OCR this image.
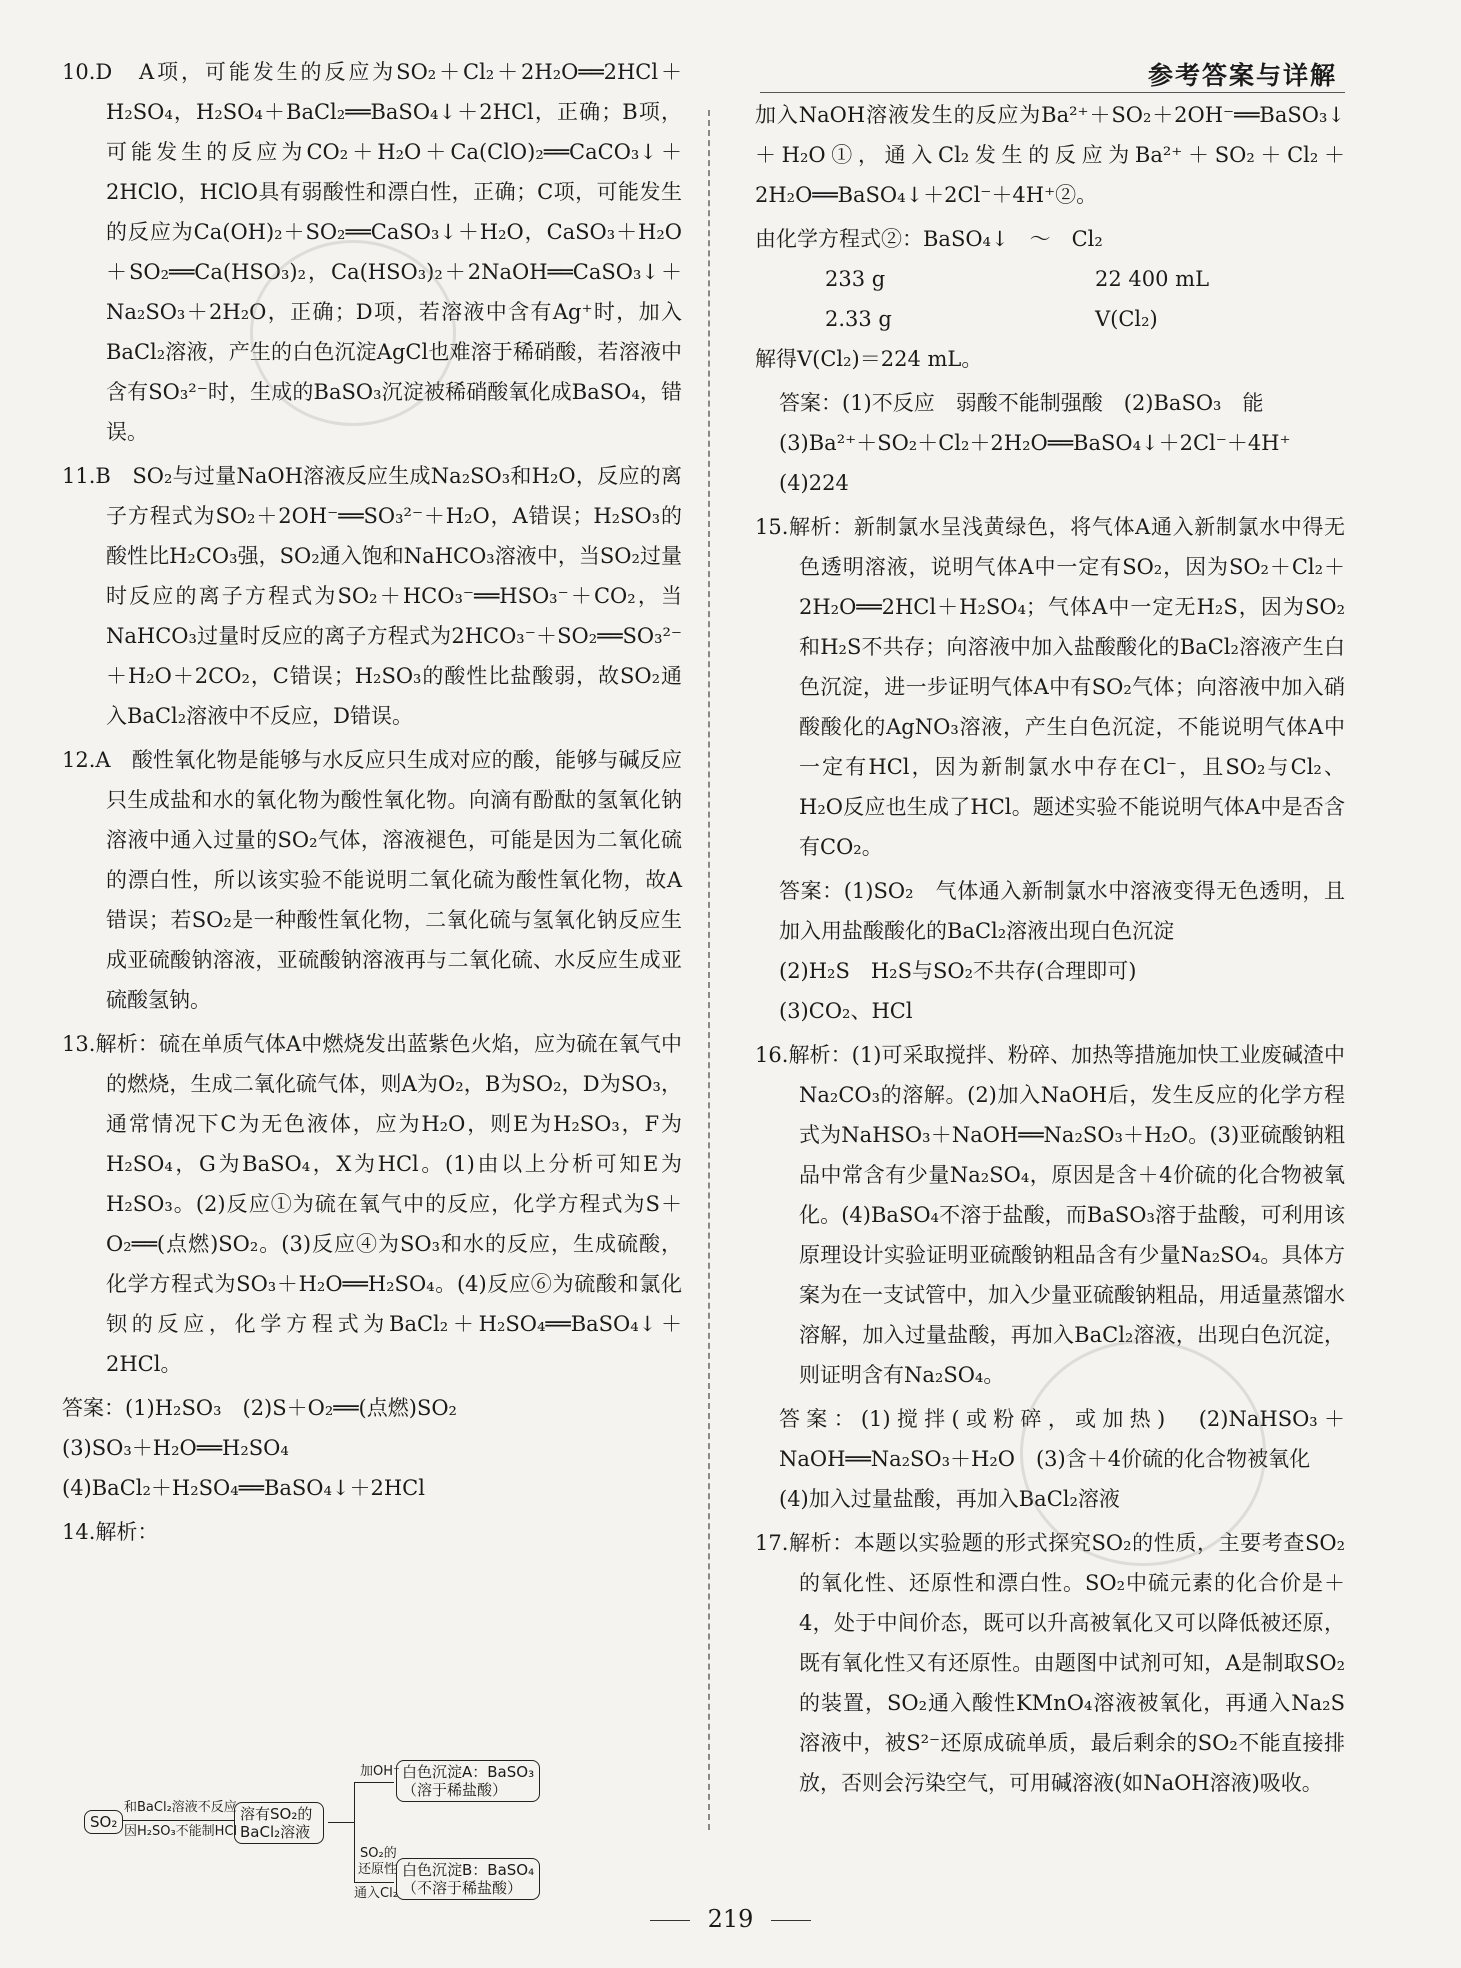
参考答案与详解

10.D　A项，可能发生的反应为SO₂＋Cl₂＋2H₂O══2HCl＋H₂SO₄，H₂SO₄＋BaCl₂══BaSO₄↓＋2HCl，正确；B项，可能发生的反应为CO₂＋H₂O＋Ca(ClO)₂══CaCO₃↓＋2HClO，HClO具有弱酸性和漂白性，正确；C项，可能发生的反应为Ca(OH)₂＋SO₂══CaSO₃↓＋H₂O，CaSO₃＋H₂O＋SO₂══Ca(HSO₃)₂，Ca(HSO₃)₂＋2NaOH══CaSO₃↓＋Na₂SO₃＋2H₂O，正确；D项，若溶液中含有Ag⁺时，加入BaCl₂溶液，产生的白色沉淀AgCl也难溶于稀硝酸，若溶液中含有SO₃²⁻时，生成的BaSO₃沉淀被稀硝酸氧化成BaSO₄，错误。

11.B　SO₂与过量NaOH溶液反应生成Na₂SO₃和H₂O，反应的离子方程式为SO₂＋2OH⁻══SO₃²⁻＋H₂O，A错误；H₂SO₃的酸性比H₂CO₃强，SO₂通入饱和NaHCO₃溶液中，当SO₂过量时反应的离子方程式为SO₂＋HCO₃⁻══HSO₃⁻＋CO₂，当NaHCO₃过量时反应的离子方程式为2HCO₃⁻＋SO₂══SO₃²⁻＋H₂O＋2CO₂，C错误；H₂SO₃的酸性比盐酸弱，故SO₂通入BaCl₂溶液中不反应，D错误。

12.A　酸性氧化物是能够与水反应只生成对应的酸，能够与碱反应只生成盐和水的氧化物为酸性氧化物。向滴有酚酞的氢氧化钠溶液中通入过量的SO₂气体，溶液褪色，可能是因为二氧化硫的漂白性，所以该实验不能说明二氧化硫为酸性氧化物，故A错误；若SO₂是一种酸性氧化物，二氧化硫与氢氧化钠反应生成亚硫酸钠溶液，亚硫酸钠溶液再与二氧化硫、水反应生成亚硫酸氢钠。

13.解析：硫在单质气体A中燃烧发出蓝紫色火焰，应为硫在氧气中的燃烧，生成二氧化硫气体，则A为O₂，B为SO₂，D为SO₃，通常情况下C为无色液体，应为H₂O，则E为H₂SO₃，F为H₂SO₄，G为BaSO₄，X为HCl。(1)由以上分析可知E为H₂SO₃。(2)反应①为硫在氧气中的反应，化学方程式为S＋O₂══(点燃)SO₂。(3)反应④为SO₃和水的反应，生成硫酸，化学方程式为SO₃＋H₂O══H₂SO₄。(4)反应⑥为硫酸和氯化钡的反应，化学方程式为BaCl₂＋H₂SO₄══BaSO₄↓＋2HCl。

答案：(1)H₂SO₃　(2)S＋O₂══(点燃)SO₂

(3)SO₃＋H₂O══H₂SO₄

(4)BaCl₂＋H₂SO₄══BaSO₄↓＋2HCl

14.解析：

SO₂
和BaCl₂溶液不反应
因H₂SO₃不能制HCl
溶有SO₂的BaCl₂溶液
加OH⁻ 白色沉淀A：BaSO₃
（溶于稀盐酸）
SO₂的
还原性
通入Cl₂
白色沉淀B：BaSO₄
（不溶于稀盐酸）

加入NaOH溶液发生的反应为Ba²⁺＋SO₂＋2OH⁻══BaSO₃↓＋H₂O①，通入Cl₂发生的反应为Ba²⁺＋SO₂＋Cl₂＋2H₂O══BaSO₄↓＋2Cl⁻＋4H⁺②。

由化学方程式②：BaSO₄↓　～　Cl₂

233 g	22 400 mL
2.33 g	V(Cl₂)

解得V(Cl₂)＝224 mL。

答案：(1)不反应　弱酸不能制强酸　(2)BaSO₃　能

(3)Ba²⁺＋SO₂＋Cl₂＋2H₂O══BaSO₄↓＋2Cl⁻＋4H⁺

(4)224

15.解析：新制氯水呈浅黄绿色，将气体A通入新制氯水中得无色透明溶液，说明气体A中一定有SO₂，因为SO₂＋Cl₂＋2H₂O══2HCl＋H₂SO₄；气体A中一定无H₂S，因为SO₂和H₂S不共存；向溶液中加入盐酸酸化的BaCl₂溶液产生白色沉淀，进一步证明气体A中有SO₂气体；向溶液中加入硝酸酸化的AgNO₃溶液，产生白色沉淀，不能说明气体A中一定有HCl，因为新制氯水中存在Cl⁻，且SO₂与Cl₂、H₂O反应也生成了HCl。题述实验不能说明气体A中是否含有CO₂。

答案：(1)SO₂　气体通入新制氯水中溶液变得无色透明，且加入用盐酸酸化的BaCl₂溶液出现白色沉淀

(2)H₂S　H₂S与SO₂不共存(合理即可)

(3)CO₂、HCl

16.解析：(1)可采取搅拌、粉碎、加热等措施加快工业废碱渣中Na₂CO₃的溶解。(2)加入NaOH后，发生反应的化学方程式为NaHSO₃＋NaOH══Na₂SO₃＋H₂O。(3)亚硫酸钠粗品中常含有少量Na₂SO₄，原因是含＋4价硫的化合物被氧化。(4)BaSO₄不溶于盐酸，而BaSO₃溶于盐酸，可利用该原理设计实验证明亚硫酸钠粗品含有少量Na₂SO₄。具体方案为在一支试管中，加入少量亚硫酸钠粗品，用适量蒸馏水溶解，加入过量盐酸，再加入BaCl₂溶液，出现白色沉淀，则证明含有Na₂SO₄。

答案：(1)搅拌(或粉碎，或加热)　(2)NaHSO₃＋NaOH══Na₂SO₃＋H₂O　(3)含＋4价硫的化合物被氧化

(4)加入过量盐酸，再加入BaCl₂溶液

17.解析：本题以实验题的形式探究SO₂的性质，主要考查SO₂的氧化性、还原性和漂白性。SO₂中硫元素的化合价是＋4，处于中间价态，既可以升高被氧化又可以降低被还原，既有氧化性又有还原性。由题图中试剂可知，A是制取SO₂的装置，SO₂通入酸性KMnO₄溶液被氧化，再通入Na₂S溶液中，被S²⁻还原成硫单质，最后剩余的SO₂不能直接排放，否则会污染空气，可用碱溶液(如NaOH溶液)吸收。

219
